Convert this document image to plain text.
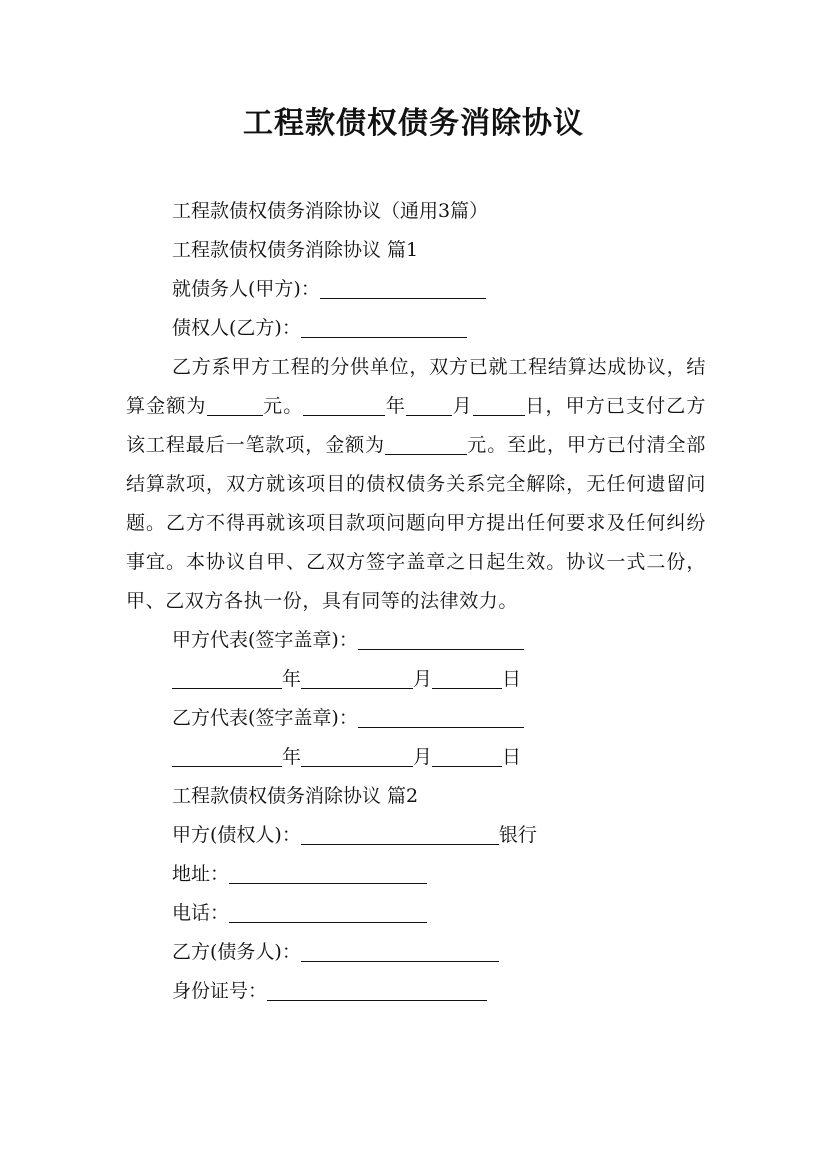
工程款债权债务消除协议

工程款债权债务消除协议（通用3篇）

工程款债权债务消除协议 篇1

就债务人(甲方)：

债权人(乙方)：

乙方系甲方工程的分供单位，双方已就工程结算达成协议，结算金额为	元。	年 月	日，甲方已支付乙方该工程最后一笔款项，金额为	元。至此，甲方已付清全部结算款项，双方就该项目的债权债务关系完全解除，无任何遗留问题。乙方不得再就该项目款项问题向甲方提出任何要求及任何纠纷事宜。本协议自甲、乙双方签字盖章之日起生效。协议一式二份，甲、乙双方各执一份，具有同等的法律效力。

甲方代表(签字盖章)：

年	月	日

乙方代表(签字盖章)：

年	月	日

工程款债权债务消除协议 篇2

甲方(债权人)：	银行

地址：

电话：

乙方(债务人)：

身份证号：
